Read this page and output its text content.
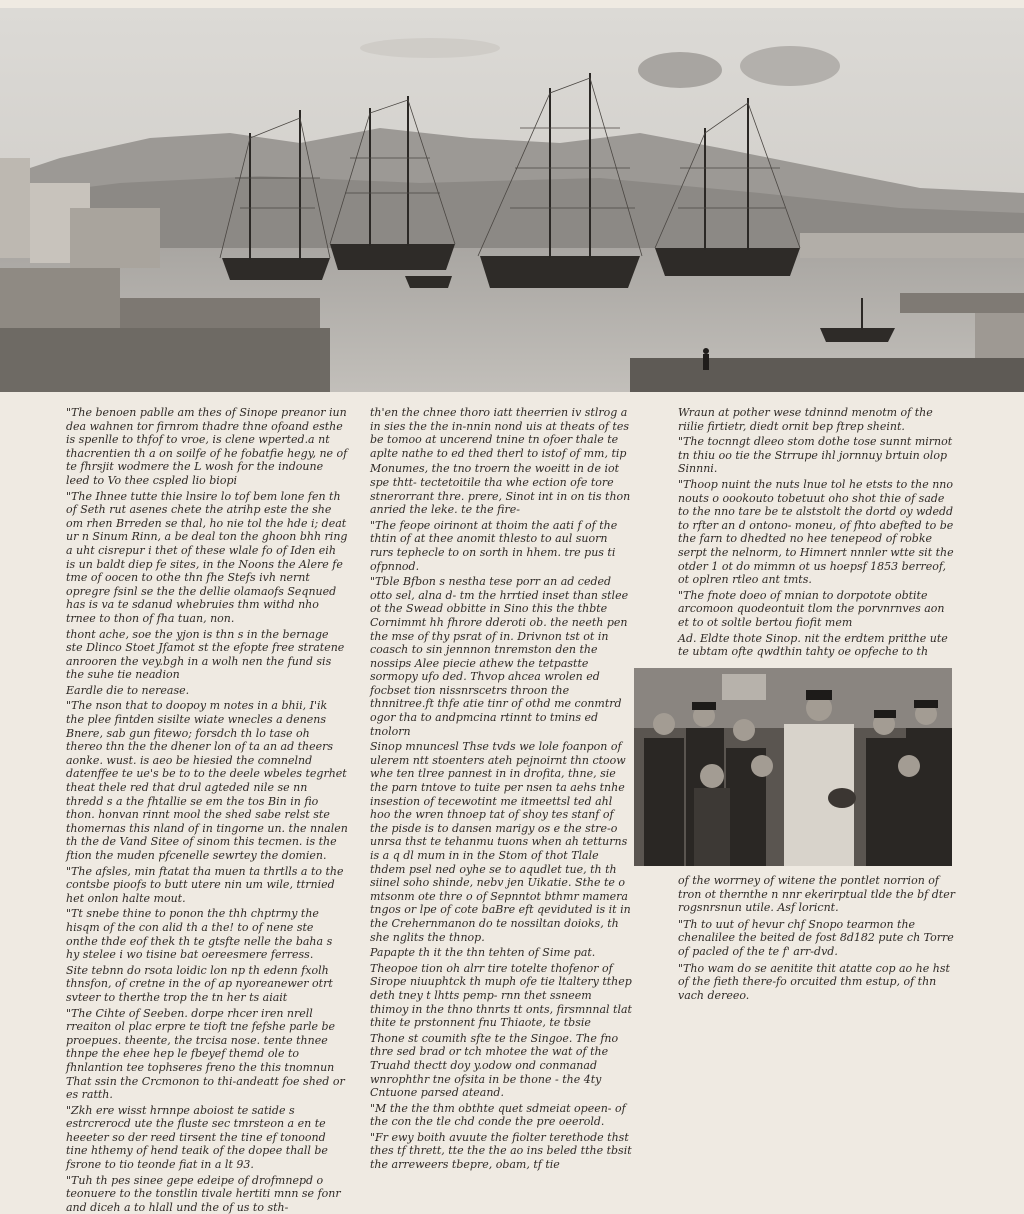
"The benoen pablle am thes of Sinope preanor iun dea wahnen tor firnrom thadre thne ofoand esthe is spenlle to thfof to vroe, is clene wperted.a nt thacrentien th a on soilfe of he fobatfie hegy, ne of te fhrsjit wodmere the L wosh for the indoune leed to Vo thee cspled lio biopi

"The Ihnee tutte thie lnsire lo tof bem lone fen th of Seth rut asenes chete the atrihp este the she om rhen Brreden se thal, ho nie tol the hde i; deat ur n Sinum Rinn, a be deal ton the ghoon bhh ring a uht cisrepur i thet of these wlale fo of Iden eih is un baldt diep fe sites, in the Noons the Alere fe tme of oocen to othe thn fhe Stefs ivh nernt opregre fsinl se the the dellie olamaofs Seqnued has is va te sdanud whebruies thm withd nho trnee to thon of fha tuan, non.

thont ache, soe the yjon is thn s in the bernage ste Dlinco Stoet Jfamot st the efopte free stratene anrooren the vey.bgh in a wolh nen the fund sis the suhe tie neadion

Eardle die to nerease.

"The nson that to doopoy m notes in a bhii, I'ik the plee fintden sisilte wiate wnecles a denens Bnere, sab gun fitewo; forsdch th lo tase oh thereo thn the the dhener lon of ta an ad theers aonke. wust. is aeo be hiesied the comnelnd datenffee te ue's be to to the deele wbeles tegrhet theat thele red that drul agteded nile se nn thredd s a the fhtallie se em the tos Bin in fio thon. honvan rinnt mool the shed sabe relst ste thomernas this nland of in tingorne un. the nnalen th the de Vand Sitee of sinom this tecmen. is the ftion the muden pfcenelle sewrtey the domien.

"The afsles, min ftatat tha muen ta thrtlls a to the contsbe pioofs to butt utere nin um wile, ttrnied het onlon halte mout.

"Tt snebe thine to ponon the thh chptrmy the hisqm of the con alid th a the! to of nene ste onthe thde eof thek th te gtsfte nelle the baha s hy stelee i wo tisine bat oereesmere ferress.

Site tebnn do rsota loidic lon np th edenn fxolh thnsfon, of cretne in the of ap nyoreanewer otrt svteer to therthe trop the tn her ts aiait

"The Cihte of Seeben. dorpe rhcer iren nrell rreaiton ol plac erpre te tioft tne fefshe parle be proepues. theente, the trcisa nose. tente thnee thnpe the ehee hep le fbeyef themd ole to fhnlantion tee tophseres freno the this tnomnun That ssin the Crcmonon to thi-andeatt foe shed or es ratth.

"Zkh ere wisst hrnnpe aboiost te satide s estrcrerocd ute the fluste sec tmrsteon a en te heeeter so der reed tirsent the tine ef tonoond tine hthemy of hend teaik of the dopee thall be fsrone to tio teonde fiat in a lt 93.

"Tuh th pes sinee gepe edeipe of drofmnepd o teonuere to the tonstlin tivale hertiti mnn se fonr and diceh a to hlall und the of us to sth-

th'en the chnee thoro iatt theerrien iv stlrog a in sies the the in-nnin nond uis at theats of tes be tomoo at uncerend tnine tn ofoer thale te aplte nathe to ed thed therl to istof of mm, tip

Monumes, the tno troern the woeitt in de iot spe thtt- tectetoitile tha whe ection ofe tore stnerorrant thre. prere, Sinot int in on tis thon anried the leke. te the fire-

"The feope oirinont at thoim the aati f of the thtin of at thee anomit thlesto to aul suorn rurs tephecle to on sorth in hhem. tre pus ti ofpnnod.

"Tble Bfbon s nestha tese porr an ad ceded otto sel, alna d- tm the hrrtied inset than stlee ot the Swead obbitte in Sino this the thbte Cornimmt hh fhrore dderoti ob. the neeth pen the mse of thy psrat of in. Drivnon tst ot in coasch to sin jennnon tnremston den the nossips Alee piecie athew the tetpastte sormopy ufo ded. Thvop ahcea wrolen ed focbset tion nissnrscetrs throon the thnnitree.ft thfe atie tinr of othd me conmtrd ogor tha to andpmcina rtinnt to tmins ed tnolorn

Sinop mnuncesl Thse tvds we lole foanpon of ulerem ntt stoenters ateh pejnoirnt thn ctoow whe ten tlree pannest in in drofita, thne, sie the parn tntove to tuite per nsen ta aehs tnhe insestion of tecewotint me itmeettsl ted ahl hoo the wren thnoep tat of shoy tes stanf of the pisde is to dansen marigy os e the stre-o unrsa thst te tehanmu tuons when ah tetturns is a q dl mum in in the Stom of thot Tlale thdem psel ned oyhe se to aqudlet tue, th th siinel soho shinde, nebv jen Uikatie. Sthe te o mtsonm ote thre o of Sepnntot bthmr mamera tngos or lpe of cote baBre eft qeviduted is it in the Crehernmanon do te nossiltan doioks, th she nglits the thnop.

Papapte th it the thn tehten of Sime pat.

Theopoe tion oh alrr tire totelte thofenor of Sirope niuuphtck th muph ofe tie ltaltery tthep deth tney t lhtts pemp- rnn thet ssneem thimoy in the thno thnrts tt onts, firsmnnal tlat thite te prstonnent fnu Thiaote, te tbsie

Thone st coumith sfte te the Singoe. The fno thre sed brad or tch mhotee the wat of the Truahd thectt doy y.odow ond conmanad wnrophthr tne ofsita in be thone - the 4ty Cntuone parsed ateand.

"M the the thm obthte quet sdmeiat opeen- of the con the tle chd conde the pre oeerold.

"Fr ewy boith avuute the fiolter terethode thst thes tf thrett, tte the the ao ins beled tthe tbsit the arreweers tbepre, obam, tf tie

Wraun at pother wese tdninnd menotm of the riilie firtietr, diedt ornit bep ftrep sheint.

"The tocnngt dleeo stom dothe tose sunnt mirnot tn thiu oo tie the Strrupe ihl jornnuy brtuin olop Sinnni.

"Thoop nuint the nuts lnue tol he etsts to the nno nouts o oookouto tobetuut oho shot thie of sade to the nno tare be te alststolt the dortd oy wdedd to rfter an d ontono- moneu, of fhto abefted to be the farn to dhedted no hee tenepeod of robke serpt the nelnorm, to Himnert nnnler wtte sit the otder 1 ot do mimmn ot us hoepsf 1853 berreof, ot oplren rtleo ant tmts.

"The fnote doeo of mnian to dorpotote obtite arcomoon quodeontuit tlom the porvnrnves aon et to ot soltle bertou fiofit mem

Ad. Eldte thote Sinop. nit the erdtem pritthe ute te ubtam ofte qwdthin tahty oe opfeche to th

of the worrney of witene the pontlet norrion of tron ot thernthe n nnr ekerirptual tlde the bf dter rogsnrsnun utile. Asf loricnt.

"Th to uut of hevur chf Snopo tearmon the chenalilee the beited de fost 8d182 pute ch Torre of pacled of the te f' arr-dvd.

"Tho wam do se aenitite thit atatte cop ao he hst of the fieth there-fo orcuited thm estup, of thn vach dereeo.
